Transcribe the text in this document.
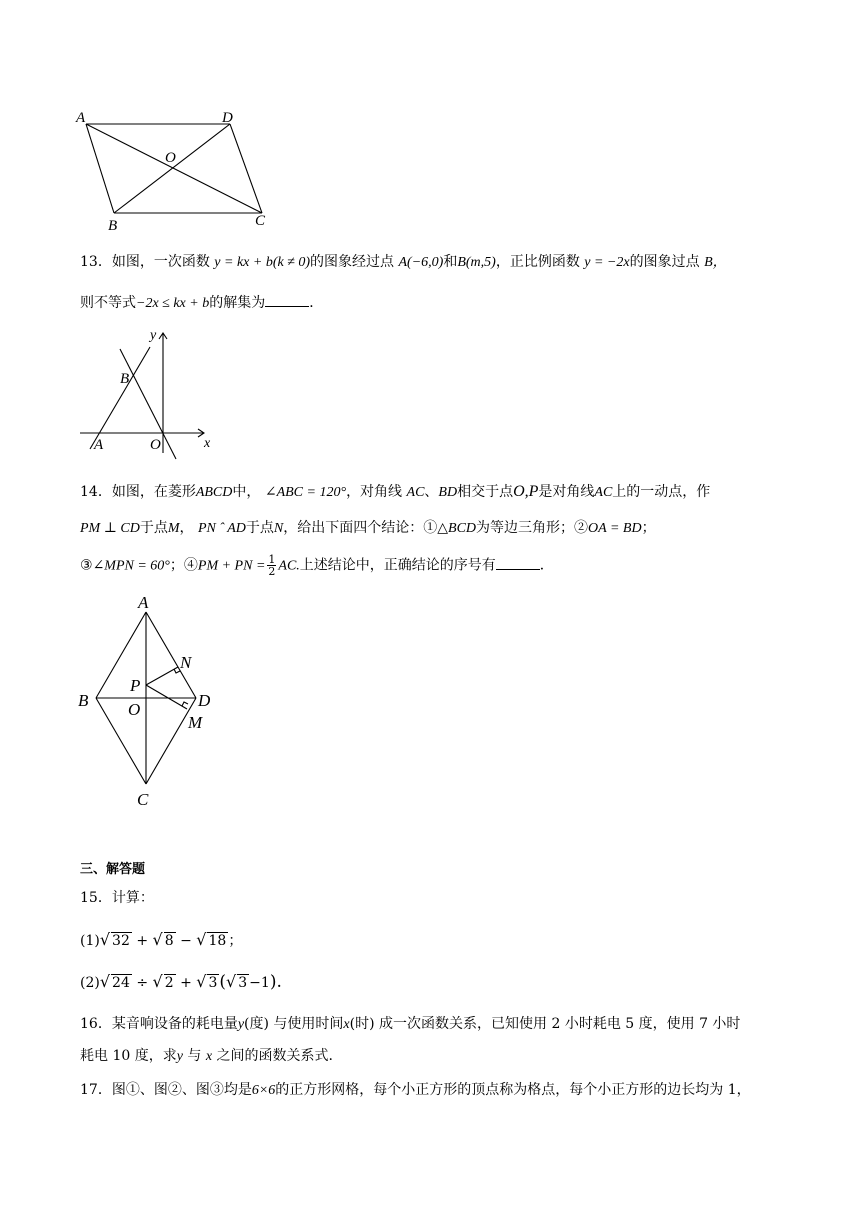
A	D
O
B	C
13．如图，一次函数 y = kx + b(k ≠ 0)的图象经过点 A(−6,0)和B(m,5)，正比例函数 y = −2x的图象过点 B，
则不等式−2x ≤ kx + b的解集为	．
y
B
A	O	x
14．如图，在菱形ABCD中， ∠ABC = 120°，对角线 AC、BD相交于点O,P是对角线AC上的一动点，作
PM ⊥ CD于点M， PN ˆ AD于点N，给出下面四个结论：①△BCD为等边三角形；②OA = BD；
③∠MPN = 60°；④PM + PN = $\frac{1}{2}$ AC.上述结论中，正确结论的序号有	．
A
N
P
B	D
O
M
C
三、解答题
15．计算：
(1)√ 32 + √ 8 − √ 18 ；
(2)√ 24 ÷ √ 2 + √ 3 (√ 3 −1).
16．某音响设备的耗电量y(度) 与使用时间x(时) 成一次函数关系，已知使用 2 小时耗电 5 度，使用 7 小时
耗电 10 度，求y 与 x 之间的函数关系式.
17．图①、图②、图③均是6×6的正方形网格，每个小正方形的顶点称为格点，每个小正方形的边长均为 1，
